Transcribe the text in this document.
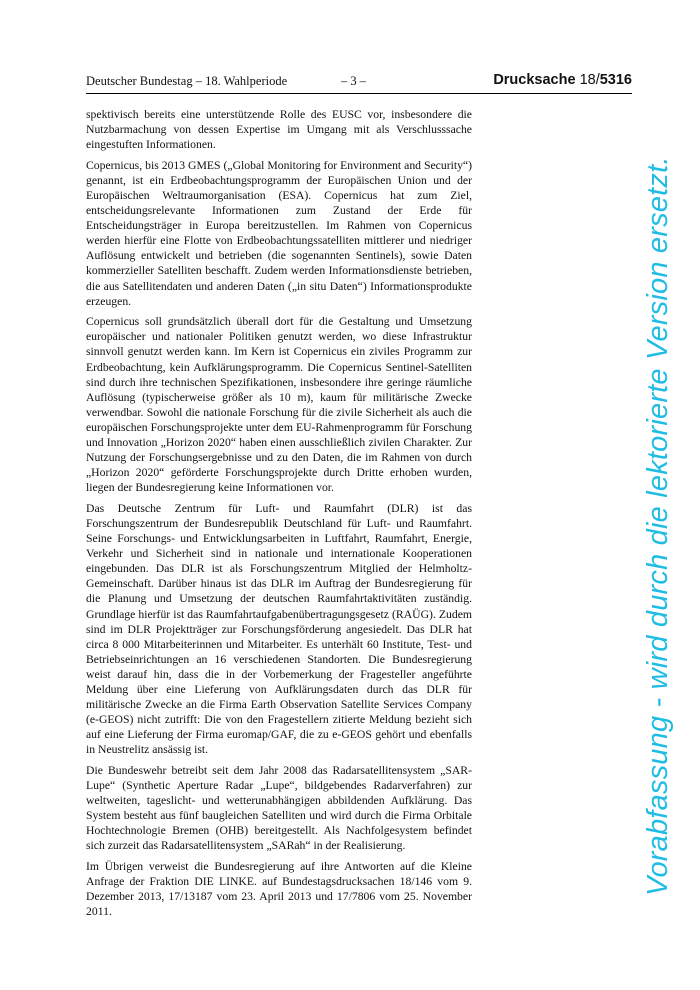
Deutscher Bundestag – 18. Wahlperiode	– 3 –	Drucksache 18/5316

spektivisch bereits eine unterstützende Rolle des EUSC vor, insbesondere die Nutzbarmachung von dessen Expertise im Umgang mit als Verschlusssache eingestuften Informationen.

Copernicus, bis 2013 GMES („Global Monitoring for Environment and Security“) genannt, ist ein Erdbeobachtungsprogramm der Europäischen Union und der Europäischen Weltraumorganisation (ESA). Copernicus hat zum Ziel, entscheidungsrelevante Informationen zum Zustand der Erde für Entscheidungsträger in Europa bereitzustellen. Im Rahmen von Copernicus werden hierfür eine Flotte von Erdbeobachtungssatelliten mittlerer und niedriger Auflösung entwickelt und betrieben (die sogenannten Sentinels), sowie Daten kommerzieller Satelliten beschafft. Zudem werden Informationsdienste betrieben, die aus Satellitendaten und anderen Daten („in situ Daten“) Informationsprodukte erzeugen.

Copernicus soll grundsätzlich überall dort für die Gestaltung und Umsetzung europäischer und nationaler Politiken genutzt werden, wo diese Infrastruktur sinnvoll genutzt werden kann. Im Kern ist Copernicus ein ziviles Programm zur Erdbeobachtung, kein Aufklärungsprogramm. Die Copernicus Sentinel-Satelliten sind durch ihre technischen Spezifikationen, insbesondere ihre geringe räumliche Auflösung (typischerweise größer als 10 m), kaum für militärische Zwecke verwendbar. Sowohl die nationale Forschung für die zivile Sicherheit als auch die europäischen Forschungsprojekte unter dem EU-Rahmenprogramm für Forschung und Innovation „Horizon 2020“ haben einen ausschließlich zivilen Charakter. Zur Nutzung der Forschungsergebnisse und zu den Daten, die im Rahmen von durch „Horizon 2020“ geförderte Forschungsprojekte durch Dritte erhoben wurden, liegen der Bundesregierung keine Informationen vor.

Das Deutsche Zentrum für Luft- und Raumfahrt (DLR) ist das Forschungszentrum der Bundesrepublik Deutschland für Luft- und Raumfahrt. Seine Forschungs- und Entwicklungsarbeiten in Luftfahrt, Raumfahrt, Energie, Verkehr und Sicherheit sind in nationale und internationale Kooperationen eingebunden. Das DLR ist als Forschungszentrum Mitglied der Helmholtz-Gemeinschaft. Darüber hinaus ist das DLR im Auftrag der Bundesregierung für die Planung und Umsetzung der deutschen Raumfahrtaktivitäten zuständig. Grundlage hierfür ist das Raumfahrtaufgabenübertragungsgesetz (RAÜG). Zudem sind im DLR Projektträger zur Forschungsförderung angesiedelt. Das DLR hat circa 8 000 Mitarbeiterinnen und Mitarbeiter. Es unterhält 60 Institute, Test- und Betriebseinrichtungen an 16 verschiedenen Standorten. Die Bundesregierung weist darauf hin, dass die in der Vorbemerkung der Fragesteller angeführte Meldung über eine Lieferung von Aufklärungsdaten durch das DLR für militärische Zwecke an die Firma Earth Observation Satellite Services Company (e-GEOS) nicht zutrifft: Die von den Fragestellern zitierte Meldung bezieht sich auf eine Lieferung der Firma euromap/GAF, die zu e-GEOS gehört und ebenfalls in Neustrelitz ansässig ist.

Die Bundeswehr betreibt seit dem Jahr 2008 das Radarsatellitensystem „SAR-Lupe“ (Synthetic Aperture Radar „Lupe“, bildgebendes Radarverfahren) zur weltweiten, tageslicht- und wetterunabhängigen abbildenden Aufklärung. Das System besteht aus fünf baugleichen Satelliten und wird durch die Firma Orbitale Hochtechnologie Bremen (OHB) bereitgestellt. Als Nachfolgesystem befindet sich zurzeit das Radarsatellitensystem „SARah“ in der Realisierung.

Im Übrigen verweist die Bundesregierung auf ihre Antworten auf die Kleine Anfrage der Fraktion DIE LINKE. auf Bundestagsdrucksachen 18/146 vom 9. Dezember 2013, 17/13187 vom 23. April 2013 und 17/7806 vom 25. November 2011.

Vorabfassung - wird durch die lektorierte Version ersetzt.
